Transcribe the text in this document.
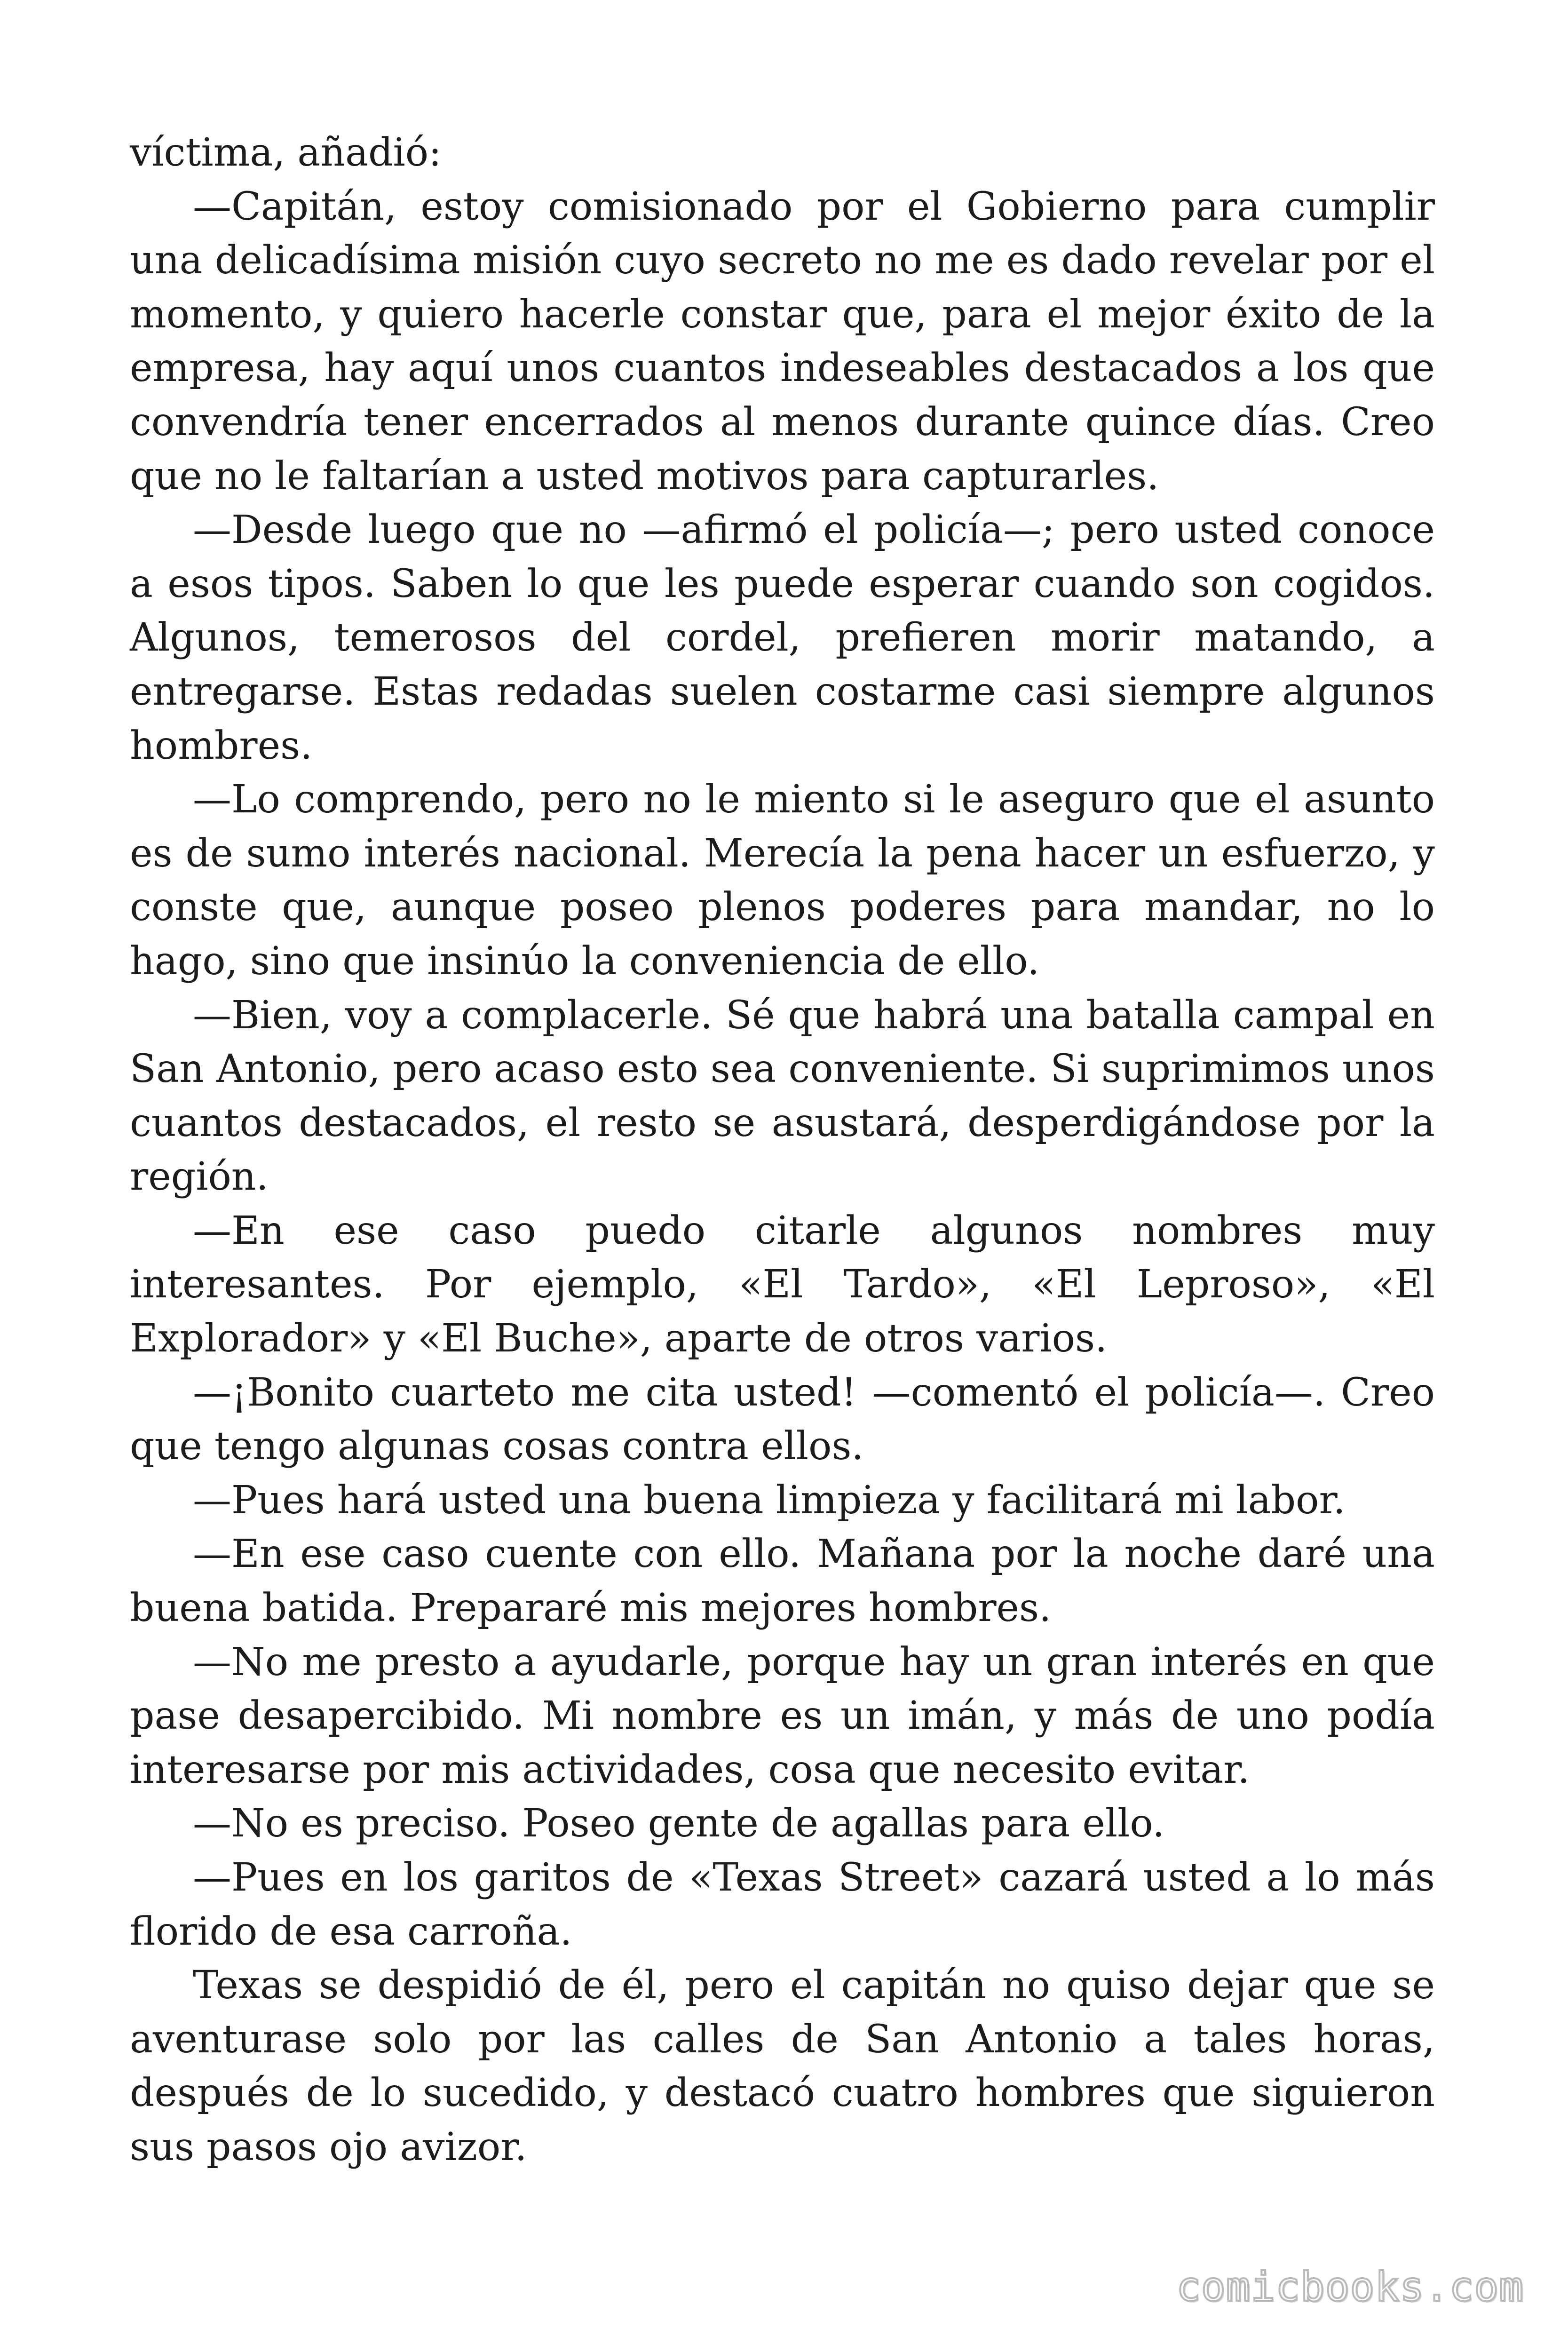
víctima, añadió:

—Capitán, estoy comisionado por el Gobierno para cumplir una delicadísima misión cuyo secreto no me es dado revelar por el momento, y quiero hacerle constar que, para el mejor éxito de la empresa, hay aquí unos cuantos indeseables destacados a los que convendría tener encerrados al menos durante quince días. Creo que no le faltarían a usted motivos para capturarles.

—Desde luego que no —afirmó el policía—; pero usted conoce a esos tipos. Saben lo que les puede esperar cuando son cogidos. Algunos, temerosos del cordel, prefieren morir matando, a entregarse. Estas redadas suelen costarme casi siempre algunos hombres.

—Lo comprendo, pero no le miento si le aseguro que el asunto es de sumo interés nacional. Merecía la pena hacer un esfuerzo, y conste que, aunque poseo plenos poderes para mandar, no lo hago, sino que insinúo la conveniencia de ello.

—Bien, voy a complacerle. Sé que habrá una batalla campal en San Antonio, pero acaso esto sea conveniente. Si suprimimos unos cuantos destacados, el resto se asustará, desperdigándose por la región.

—En ese caso puedo citarle algunos nombres muy interesantes. Por ejemplo, «El Tardo», «El Leproso», «El Explorador» y «El Buche», aparte de otros varios.

—¡Bonito cuarteto me cita usted! —comentó el policía—. Creo que tengo algunas cosas contra ellos.

—Pues hará usted una buena limpieza y facilitará mi labor.

—En ese caso cuente con ello. Mañana por la noche daré una buena batida. Prepararé mis mejores hombres.

—No me presto a ayudarle, porque hay un gran interés en que pase desapercibido. Mi nombre es un imán, y más de uno podía interesarse por mis actividades, cosa que necesito evitar.

—No es preciso. Poseo gente de agallas para ello.

—Pues en los garitos de «Texas Street» cazará usted a lo más florido de esa carroña.

Texas se despidió de él, pero el capitán no quiso dejar que se aventurase solo por las calles de San Antonio a tales horas, después de lo sucedido, y destacó cuatro hombres que siguieron sus pasos ojo avizor.

comicbooks.com
